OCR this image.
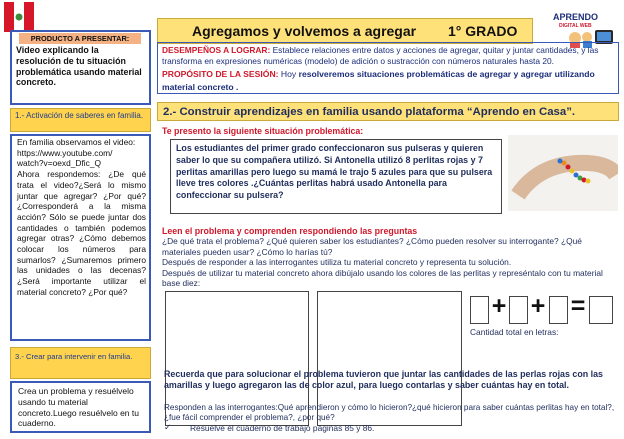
PRODUCTO A PRESENTAR:
Video explicando la resolución de tu situación problemática usando material concreto.
Agregamos y volvemos a agregar 1° GRADO
APRENDO
DIGITAL WEB
DESEMPEÑOS A LOGRAR: Establece relaciones entre datos y acciones de agregar, quitar y juntar cantidades, y las transforma en expresiones numéricas (modelo) de adición o sustracción con números naturales hasta 20.
PROPÓSITO DE LA SESIÓN: Hoy resolveremos situaciones problemáticas de agregar y agregar utilizando material concreto .
1.- Activación de saberes en familia.
En familia observamos el video:
https://www.youtube.com/
watch?v=oexd_Dfic_Q
Ahora respondemos: ¿De qué trata el video?¿Será lo mismo juntar que agregar? ¿Por qué? ¿Corresponderá a la misma acción? Sólo se puede juntar dos cantidades o también podemos agregar otras? ¿Cómo debemos colocar los números para sumarlos? ¿Sumaremos primero las unidades o las decenas? ¿Será importante utilizar el material concreto? ¿Por qué?
3.- Crear para intervenir en familia.
Crea un problema y resuélvelo usando tu material concreto.Luego resuélvelo en tu cuaderno.
2.- Construir aprendizajes en familia usando plataforma “Aprendo en Casa”.
Te presento la siguiente situación problemática:
Los estudiantes del primer grado confeccionaron sus pulseras y quieren saber lo que su compañera utilizó. Si Antonella utilizó 8 perlitas rojas y 7 perlitas amarillas pero luego su mamá le trajo 5 azules para que su pulsera lleve tres colores .¿Cuántas perlitas habrá usado Antonella para confeccionar su pulsera?
Leen el problema y comprenden respondiendo las preguntas
¿De qué trata el problema? ¿Qué quieren saber los estudiantes? ¿Cómo pueden resolver su interrogante? ¿Qué materiales pueden usar? ¿Cómo lo harías tú?
Después de responder a las interrogantes utiliza tu material concreto y representa tu solución.
Después de utilizar tu material concreto ahora dibújalo usando los colores de las perlitas y represéntalo con tu material base diez:
+ + =
Cantidad total en letras:
Recuerda que para solucionar el problema tuvieron que juntar las cantidades de las perlas rojas con las amarillas y luego agregaron las de color azul, para luego contarlas y saber cuántas hay en total.
Responden a las interrogantes:Qué aprendieron y cómo lo hicieron?¿qué hicieron para saber cuántas perlitas hay en total?, ¿fue fácil comprender el problema?, ¿por qué?
✓ Resuelve el cuaderno de trabajo páginas 85 y 86.
